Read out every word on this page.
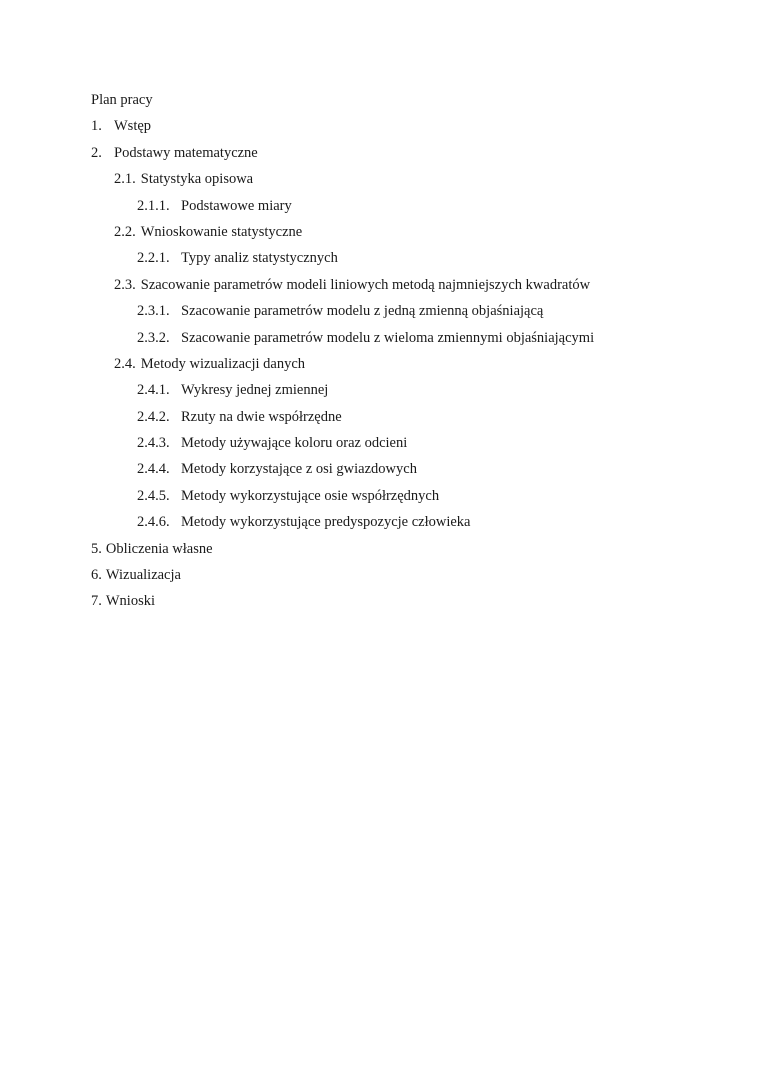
Plan pracy
1. Wstęp
2. Podstawy matematyczne
2.1. Statystyka opisowa
2.1.1. Podstawowe miary
2.2. Wnioskowanie statystyczne
2.2.1. Typy analiz statystycznych
2.3. Szacowanie parametrów modeli liniowych metodą najmniejszych kwadratów
2.3.1. Szacowanie parametrów modelu z jedną zmienną objaśniającą
2.3.2. Szacowanie parametrów modelu z wieloma zmiennymi objaśniającymi
2.4. Metody wizualizacji danych
2.4.1. Wykresy jednej zmiennej
2.4.2. Rzuty na dwie współrzędne
2.4.3. Metody używające koloru oraz odcieni
2.4.4. Metody korzystające z osi gwiazdowych
2.4.5. Metody wykorzystujące osie współrzędnych
2.4.6. Metody wykorzystujące predyspozycje człowieka
5. Obliczenia własne
6. Wizualizacja
7. Wnioski
